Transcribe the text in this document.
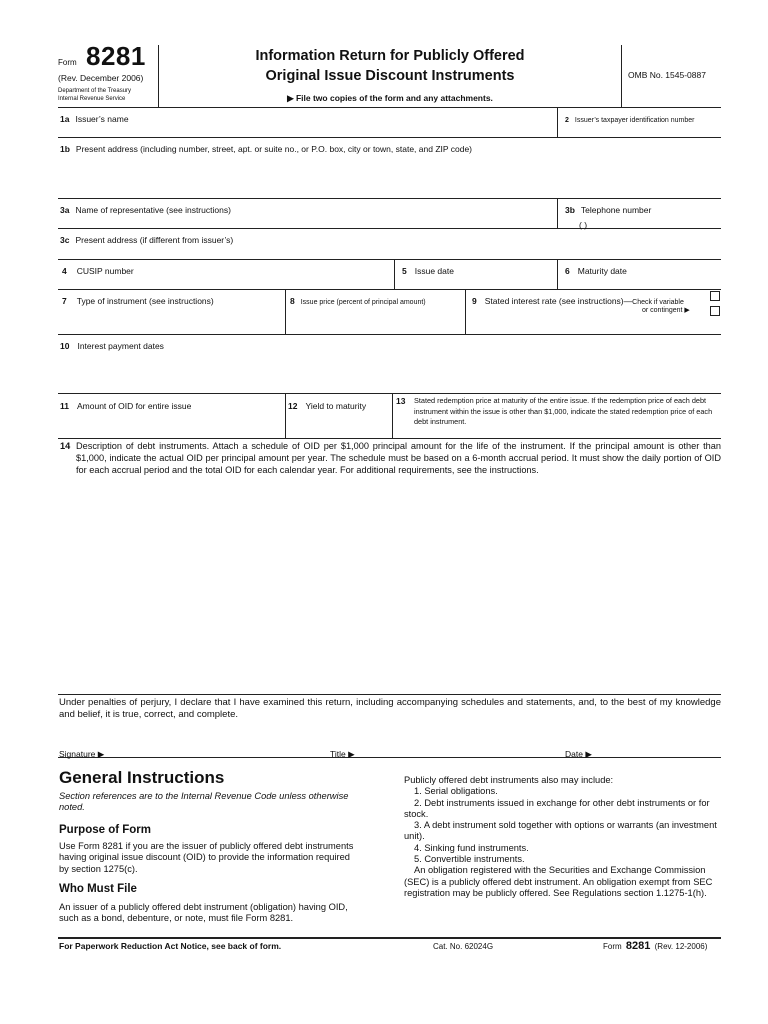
Form 8281
(Rev. December 2006)
Department of the Treasury
Internal Revenue Service
Information Return for Publicly Offered
Original Issue Discount Instruments
▶ File two copies of the form and any attachments.
OMB No. 1545-0887
1a Issuer’s name	2 Issuer’s taxpayer identification number
1b Present address (including number, street, apt. or suite no., or P.O. box, city or town, state, and ZIP code)
3a Name of representative (see instructions)	3b Telephone number
( )
3c Present address (if different from issuer’s)
4 CUSIP number	5 Issue date	6 Maturity date
7 Type of instrument (see instructions)	8 Issue price (percent of principal amount)	9 Stated interest rate (see instructions)—Check if variable
or contingent ▶
10 Interest payment dates
11 Amount of OID for entire issue	12 Yield to maturity	13 Stated redemption price at maturity of the entire issue. If the redemption price of each debt instrument within the issue is other than $1,000, indicate the stated redemption price of each debt instrument.
14 Description of debt instruments. Attach a schedule of OID per $1,000 principal amount for the life of the instrument. If the principal amount is other than $1,000, indicate the actual OID per principal amount per year. The schedule must be based on a 6-month accrual period. It must show the daily portion of OID for each accrual period and the total OID for each calendar year. For additional requirements, see the instructions.
Under penalties of perjury, I declare that I have examined this return, including accompanying schedules and statements, and, to the best of my knowledge and belief, it is true, correct, and complete.
Signature ▶	Title ▶	Date ▶
General Instructions
Section references are to the Internal Revenue Code unless otherwise noted.
Purpose of Form
Use Form 8281 if you are the issuer of publicly offered debt instruments having original issue discount (OID) to provide the information required by section 1275(c).
Who Must File
An issuer of a publicly offered debt instrument (obligation) having OID, such as a bond, debenture, or note, must file Form 8281.
Publicly offered debt instruments also may include:
1. Serial obligations.
2. Debt instruments issued in exchange for other debt instruments or for stock.
3. A debt instrument sold together with options or warrants (an investment unit).
4. Sinking fund instruments.
5. Convertible instruments.
An obligation registered with the Securities and Exchange Commission (SEC) is a publicly offered debt instrument. An obligation exempt from SEC registration may be publicly offered. See Regulations section 1.1275-1(h).
For Paperwork Reduction Act Notice, see back of form.	Cat. No. 62024G	Form 8281 (Rev. 12-2006)
